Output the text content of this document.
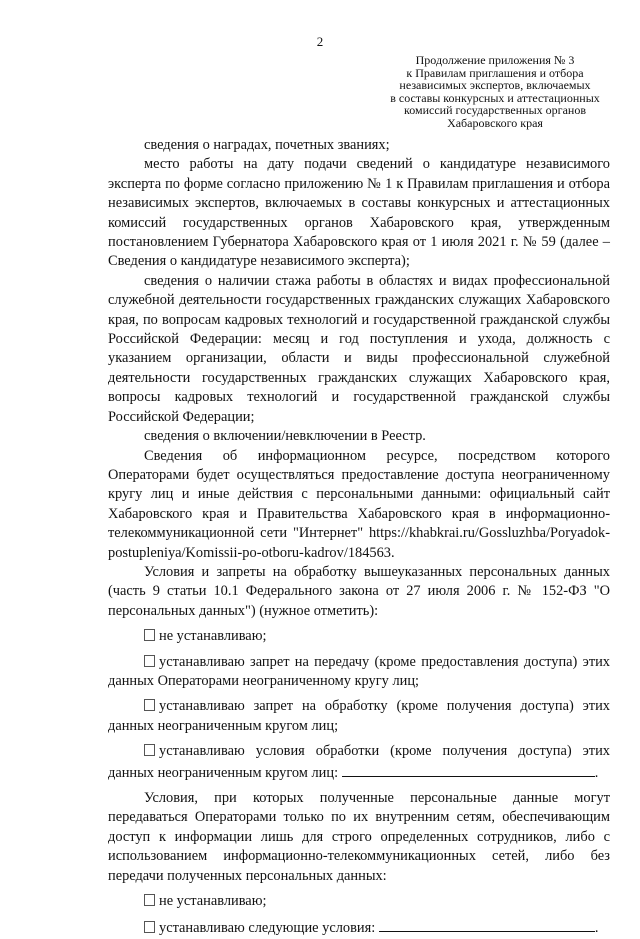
2
Продолжение приложения № 3
к Правилам приглашения и отбора
независимых экспертов, включаемых
в составы конкурсных и аттестационных
комиссий государственных органов
Хабаровского края

сведения о наградах, почетных званиях;

место работы на дату подачи сведений о кандидатуре независимого эксперта по форме согласно приложению № 1 к Правилам приглашения и отбора независимых экспертов, включаемых в составы конкурсных и аттестационных комиссий государственных органов Хабаровского края, утвержденным постановлением Губернатора Хабаровского края от 1 июля 2021 г. № 59 (далее – Сведения о кандидатуре независимого эксперта);

сведения о наличии стажа работы в областях и видах профессиональной служебной деятельности государственных гражданских служащих Хабаровского края, по вопросам кадровых технологий и государственной гражданской службы Российской Федерации: месяц и год поступления и ухода, должность с указанием организации, области и виды профессиональной служебной деятельности государственных гражданских служащих Хабаровского края, вопросы кадровых технологий и государственной гражданской службы Российской Федерации;

сведения о включении/невключении в Реестр.

Сведения об информационном ресурсе, посредством которого Операторами будет осуществляться предоставление доступа неограниченному кругу лиц и иные действия с персональными данными: официальный сайт Хабаровского края и Правительства Хабаровского края в информационно-телекоммуникационной сети "Интернет" https://khabkrai.ru/Gossluzhba/Poryadok-postupleniya/Komissii-po-otboru-kadrov/184563.

Условия и запреты на обработку вышеуказанных персональных данных (часть 9 статьи 10.1 Федерального закона от 27 июля 2006 г. № 152-ФЗ "О персональных данных") (нужное отметить):

не устанавливаю;

устанавливаю запрет на передачу (кроме предоставления доступа) этих данных Операторами неограниченному кругу лиц;

устанавливаю запрет на обработку (кроме получения доступа) этих данных неограниченным кругом лиц;

устанавливаю условия обработки (кроме получения доступа) этих данных неограниченным кругом лиц:	.

Условия, при которых полученные персональные данные могут передаваться Операторами только по их внутренним сетям, обеспечивающим доступ к информации лишь для строго определенных сотрудников, либо с использованием информационно-телекоммуникационных сетей, либо без передачи полученных персональных данных:

не устанавливаю;

устанавливаю следующие условия:	.
